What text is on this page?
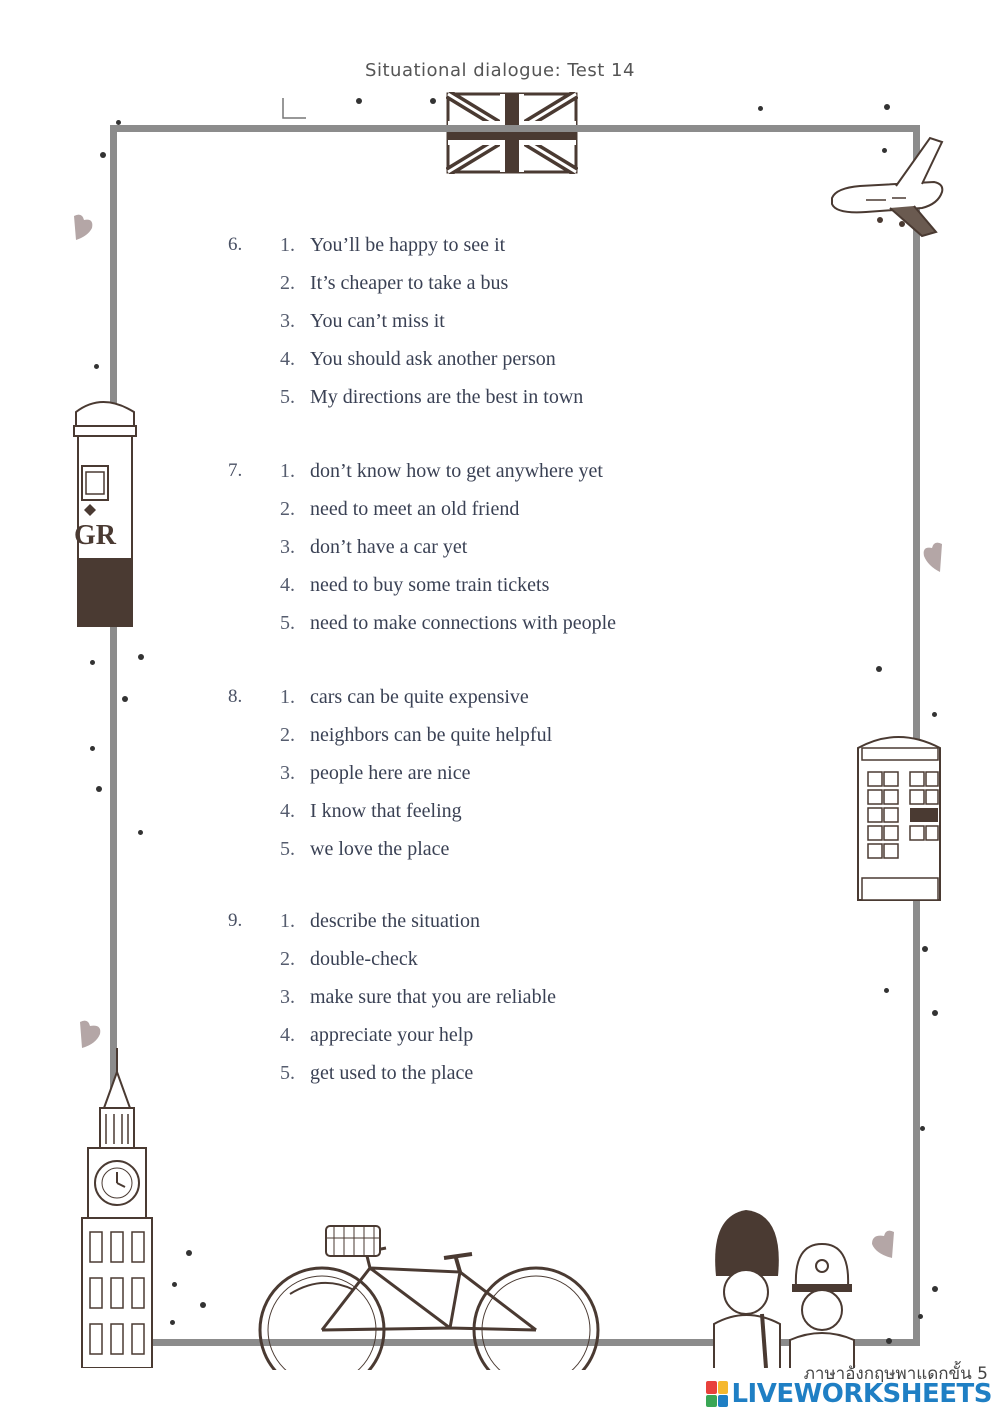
Situational dialogue: Test 14
GR
6. 1. You’ll be happy to see it
2. It’s cheaper to take a bus
3. You can’t miss it
4. You should ask another person
5. My directions are the best in town
7. 1. don’t know how to get anywhere yet
2. need to meet an old friend
3. don’t have a car yet
4. need to buy some train tickets
5. need to make connections with people
8. 1. cars can be quite expensive
2. neighbors can be quite helpful
3. people here are nice
4. I know that feeling
5. we love the place
9. 1. describe the situation
2. double-check
3. make sure that you are reliable
4. appreciate your help
5. get used to the place
ภาษาอังกฤษพาแดกขั้น 5
LIVEWORKSHEETS
